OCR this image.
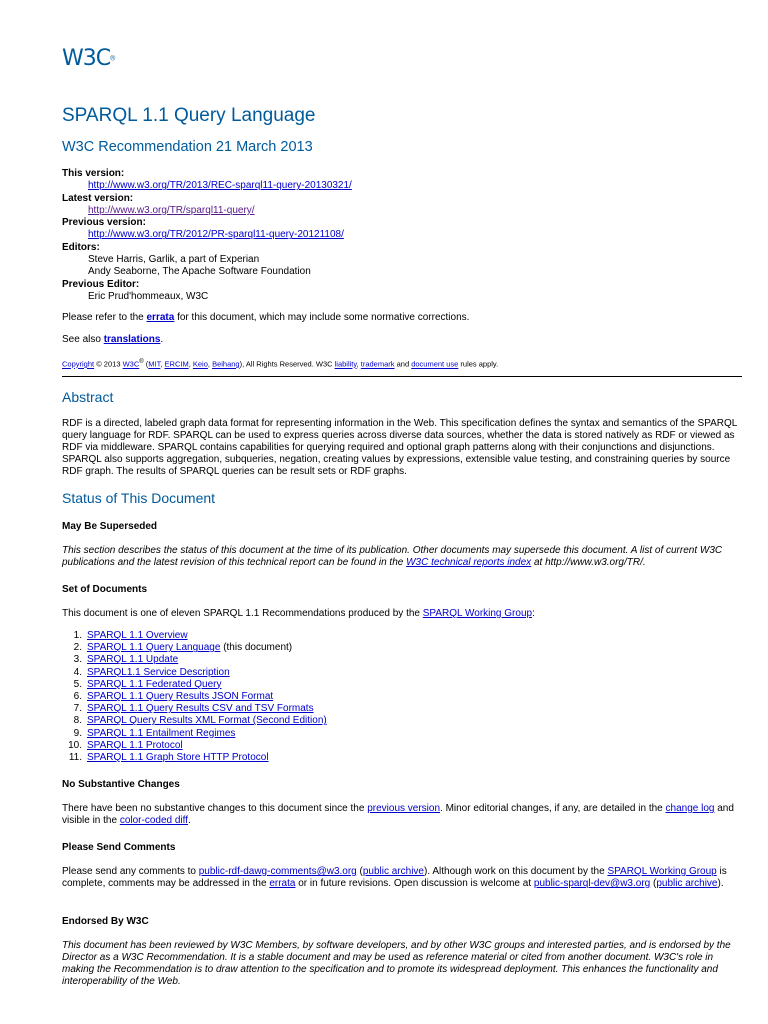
W3C®
SPARQL 1.1 Query Language
W3C Recommendation 21 March 2013
This version:
http://www.w3.org/TR/2013/REC-sparql11-query-20130321/
Latest version:
http://www.w3.org/TR/sparql11-query/
Previous version:
http://www.w3.org/TR/2012/PR-sparql11-query-20121108/
Editors:
Steve Harris, Garlik, a part of Experian
Andy Seaborne, The Apache Software Foundation
Previous Editor:
Eric Prud'hommeaux, W3C
Please refer to the errata for this document, which may include some normative corrections.
See also translations.
Copyright © 2013 W3C® (MIT, ERCIM, Keio, Beihang), All Rights Reserved. W3C liability, trademark and document use rules apply.
Abstract

RDF is a directed, labeled graph data format for representing information in the Web. This specification defines the syntax and semantics of the SPARQL query language for RDF. SPARQL can be used to express queries across diverse data sources, whether the data is stored natively as RDF or viewed as RDF via middleware. SPARQL contains capabilities for querying required and optional graph patterns along with their conjunctions and disjunctions. SPARQL also supports aggregation, subqueries, negation, creating values by expressions, extensible value testing, and constraining queries by source RDF graph. The results of SPARQL queries can be result sets or RDF graphs.

Status of This Document
May Be Superseded

This section describes the status of this document at the time of its publication. Other documents may supersede this document. A list of current W3C publications and the latest revision of this technical report can be found in the W3C technical reports index at http://www.w3.org/TR/.

Set of Documents

This document is one of eleven SPARQL 1.1 Recommendations produced by the SPARQL Working Group:

1. SPARQL 1.1 Overview
2. SPARQL 1.1 Query Language (this document)
3. SPARQL 1.1 Update
4. SPARQL1.1 Service Description
5. SPARQL 1.1 Federated Query
6. SPARQL 1.1 Query Results JSON Format
7. SPARQL 1.1 Query Results CSV and TSV Formats
8. SPARQL Query Results XML Format (Second Edition)
9. SPARQL 1.1 Entailment Regimes
10. SPARQL 1.1 Protocol
11. SPARQL 1.1 Graph Store HTTP Protocol
No Substantive Changes

There have been no substantive changes to this document since the previous version. Minor editorial changes, if any, are detailed in the change log and visible in the color-coded diff.

Please Send Comments

Please send any comments to public-rdf-dawg-comments@w3.org (public archive). Although work on this document by the SPARQL Working Group is complete, comments may be addressed in the errata or in future revisions. Open discussion is welcome at public-sparql-dev@w3.org (public archive).

Endorsed By W3C

This document has been reviewed by W3C Members, by software developers, and by other W3C groups and interested parties, and is endorsed by the Director as a W3C Recommendation. It is a stable document and may be used as reference material or cited from another document. W3C's role in making the Recommendation is to draw attention to the specification and to promote its widespread deployment. This enhances the functionality and interoperability of the Web.
